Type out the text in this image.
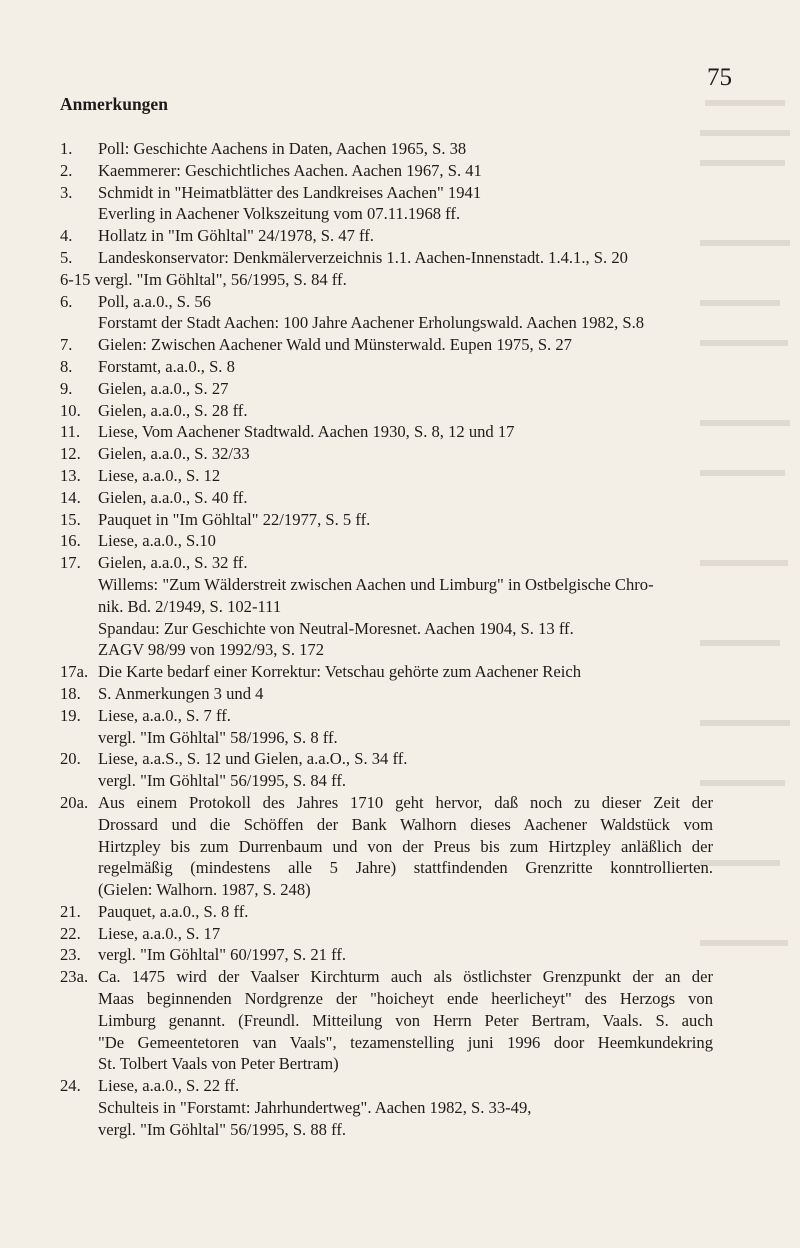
75
Anmerkungen
1.	Poll: Geschichte Aachens in Daten, Aachen 1965, S. 38
2.	Kaemmerer: Geschichtliches Aachen. Aachen 1967, S. 41
3.	Schmidt in "Heimatblätter des Landkreises Aachen" 1941
Everling in Aachener Volkszeitung vom 07.11.1968 ff.
4.	Hollatz in "Im Göhltal" 24/1978, S. 47 ff.
5.	Landeskonservator: Denkmälerverzeichnis 1.1. Aachen-Innenstadt. 1.4.1., S. 20
6-15 vergl. "Im Göhltal", 56/1995, S. 84 ff.
6.	Poll, a.a.0., S. 56
Forstamt der Stadt Aachen: 100 Jahre Aachener Erholungswald. Aachen 1982, S.8
7.	Gielen: Zwischen Aachener Wald und Münsterwald. Eupen 1975, S. 27
8.	Forstamt, a.a.0., S. 8
9.	Gielen, a.a.0., S. 27
10.	Gielen, a.a.0., S. 28 ff.
11.	Liese, Vom Aachener Stadtwald. Aachen 1930, S. 8, 12 und 17
12.	Gielen, a.a.0., S. 32/33
13.	Liese, a.a.0., S. 12
14.	Gielen, a.a.0., S. 40 ff.
15.	Pauquet in "Im Göhltal" 22/1977, S. 5 ff.
16.	Liese, a.a.0., S.10
17.	Gielen, a.a.0., S. 32 ff.
Willems: "Zum Wälderstreit zwischen Aachen und Limburg" in Ostbelgische Chro-
nik. Bd. 2/1949, S. 102-111
Spandau: Zur Geschichte von Neutral-Moresnet. Aachen 1904, S. 13 ff.
ZAGV 98/99 von 1992/93, S. 172
17a. Die Karte bedarf einer Korrektur: Vetschau gehörte zum Aachener Reich
18.	S. Anmerkungen 3 und 4
19.	Liese, a.a.0., S. 7 ff.
vergl. "Im Göhltal" 58/1996, S. 8 ff.
20.	Liese, a.a.S., S. 12 und Gielen, a.a.O., S. 34 ff.
vergl. "Im Göhltal" 56/1995, S. 84 ff.
20a. Aus einem Protokoll des Jahres 1710 geht hervor, daß noch zu dieser Zeit der
Drossard und die Schöffen der Bank Walhorn dieses Aachener Waldstück vom
Hirtzpley bis zum Durrenbaum und von der Preus bis zum Hirtzpley anläßlich der
regelmäßig (mindestens alle 5 Jahre) stattfindenden Grenzritte konntrollierten.
(Gielen: Walhorn. 1987, S. 248)
21.	Pauquet, a.a.0., S. 8 ff.
22.	Liese, a.a.0., S. 17
23.	vergl. "Im Göhltal" 60/1997, S. 21 ff.
23a. Ca. 1475 wird der Vaalser Kirchturm auch als östlichster Grenzpunkt der an der
Maas beginnenden Nordgrenze der "hoicheyt ende heerlicheyt" des Herzogs von
Limburg genannt. (Freundl. Mitteilung von Herrn Peter Bertram, Vaals. S. auch
"De Gemeentetoren van Vaals", tezamenstelling juni 1996 door Heemkundekring
St. Tolbert Vaals von Peter Bertram)
24.	Liese, a.a.0., S. 22 ff.
Schulteis in "Forstamt: Jahrhundertweg". Aachen 1982, S. 33-49,
vergl. "Im Göhltal" 56/1995, S. 88 ff.
